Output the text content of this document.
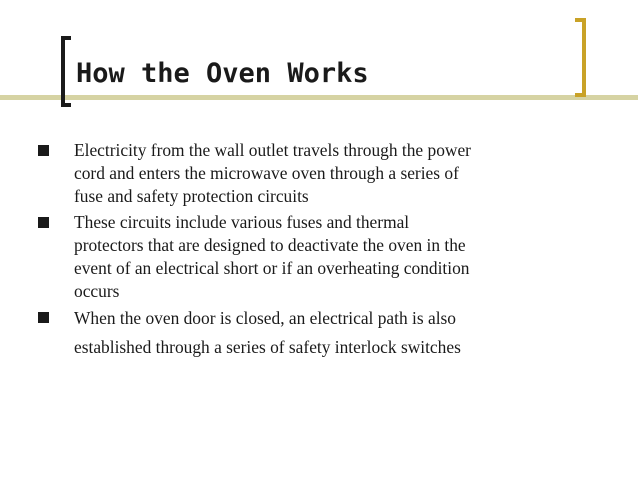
How the Oven Works
Electricity from the wall outlet travels through the power
cord and enters the microwave oven through a series of
fuse and safety protection circuits
These circuits include various fuses and thermal
protectors that are designed to deactivate the oven in the
event of an electrical short or if an overheating condition
occurs
When the oven door is closed, an electrical path is also
established through a series of safety interlock switches
